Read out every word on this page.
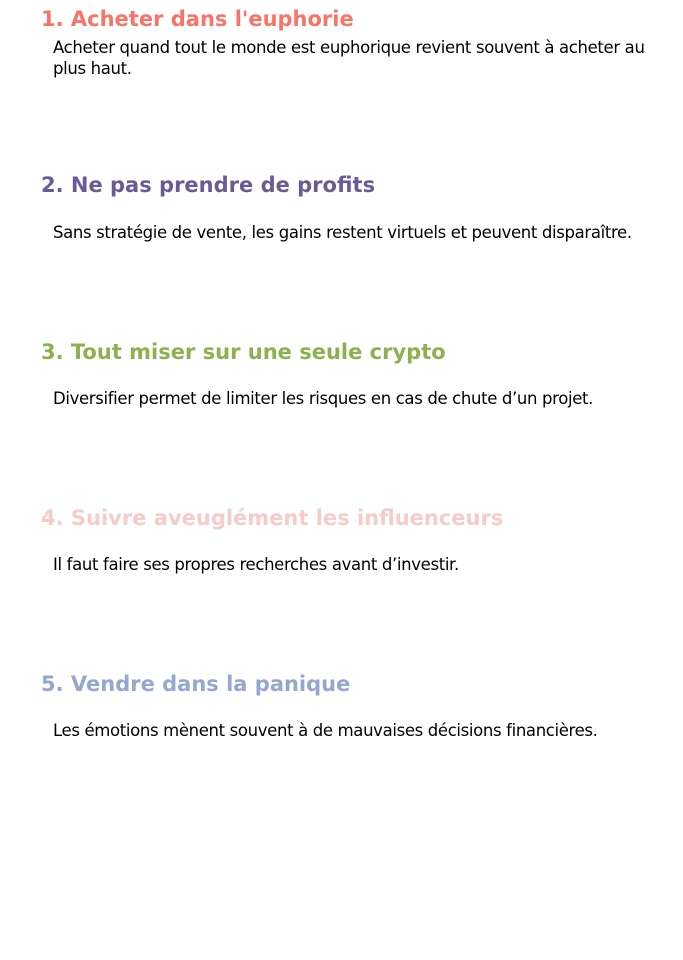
1. Acheter dans l'euphorie

Acheter quand tout le monde est euphorique revient souvent à acheter au plus haut.

2. Ne pas prendre de profits

Sans stratégie de vente, les gains restent virtuels et peuvent disparaître.

3. Tout miser sur une seule crypto

Diversifier permet de limiter les risques en cas de chute d’un projet.

4. Suivre aveuglément les influenceurs

Il faut faire ses propres recherches avant d’investir.

5. Vendre dans la panique

Les émotions mènent souvent à de mauvaises décisions financières.
